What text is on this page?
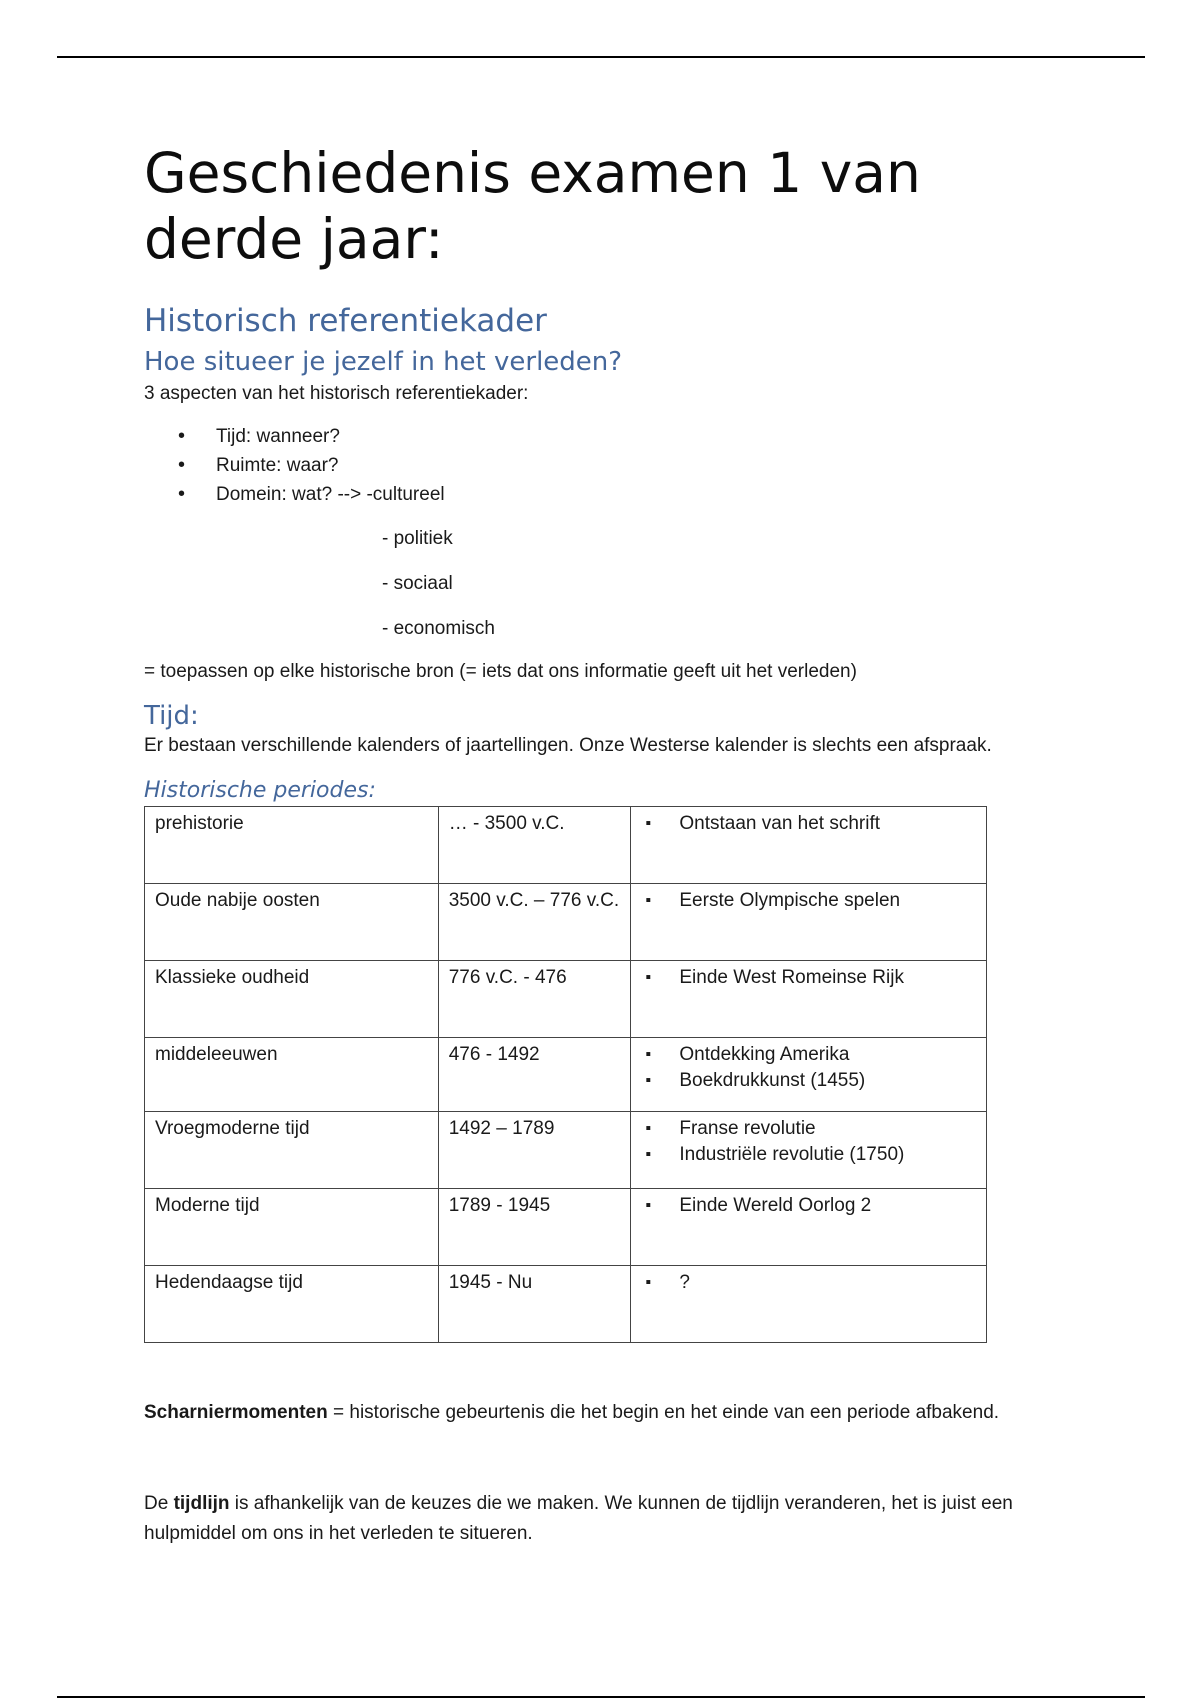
Geschiedenis examen 1 van derde jaar:
Historisch referentiekader
Hoe situeer je jezelf in het verleden?

3 aspecten van het historisch referentiekader:

• Tijd: wanneer?
• Ruimte: waar?
• Domein: wat? --> -cultureel
- politiek
- sociaal
- economisch

= toepassen op elke historische bron (= iets dat ons informatie geeft uit het verleden)

Tijd:

Er bestaan verschillende kalenders of jaartellingen. Onze Westerse kalender is slechts een afspraak.

Historische periodes:
prehistorie	… - 3500 v.C.	▪ Ontstaan van het schrift

Oude nabije oosten	3500 v.C. – 776 v.C.	▪ Eerste Olympische spelen

Klassieke oudheid	776 v.C. - 476	▪ Einde West Romeinse Rijk

middeleeuwen	476 - 1492	▪ Ontdekking Amerika
▪ Boekdrukkunst (1455)

Vroegmoderne tijd	1492 – 1789	▪ Franse revolutie
▪ Industriële revolutie (1750)

Moderne tijd	1789 - 1945	▪ Einde Wereld Oorlog 2

Hedendaagse tijd	1945 - Nu	▪ ?

Scharniermomenten = historische gebeurtenis die het begin en het einde van een periode afbakend.

De tijdlijn is afhankelijk van de keuzes die we maken. We kunnen de tijdlijn veranderen, het is juist een hulpmiddel om ons in het verleden te situeren.
